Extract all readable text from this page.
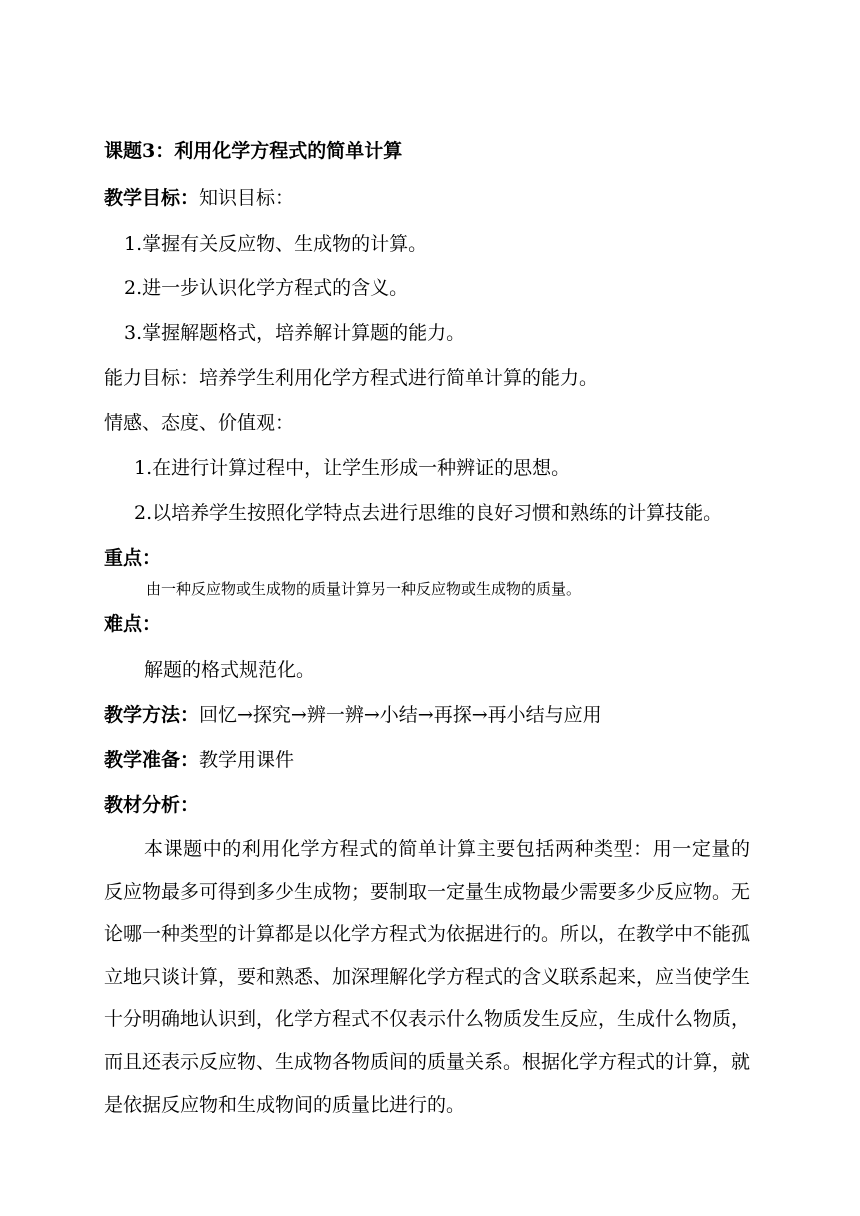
课题3：利用化学方程式的简单计算
教学目标：知识目标：
1.掌握有关反应物、生成物的计算。
2.进一步认识化学方程式的含义。
3.掌握解题格式，培养解计算题的能力。
能力目标：培养学生利用化学方程式进行简单计算的能力。
情感、态度、价值观：
1.在进行计算过程中，让学生形成一种辨证的思想。
2.以培养学生按照化学特点去进行思维的良好习惯和熟练的计算技能。
重点：
由一种反应物或生成物的质量计算另一种反应物或生成物的质量。
难点：
解题的格式规范化。
教学方法：回忆→探究→辨一辨→小结→再探→再小结与应用
教学准备：教学用课件
教材分析：
本课题中的利用化学方程式的简单计算主要包括两种类型：用一定量的反应物最多可得到多少生成物；要制取一定量生成物最少需要多少反应物。无论哪一种类型的计算都是以化学方程式为依据进行的。所以，在教学中不能孤立地只谈计算，要和熟悉、加深理解化学方程式的含义联系起来，应当使学生十分明确地认识到，化学方程式不仅表示什么物质发生反应，生成什么物质，而且还表示反应物、生成物各物质间的质量关系。根据化学方程式的计算，就是依据反应物和生成物间的质量比进行的。
